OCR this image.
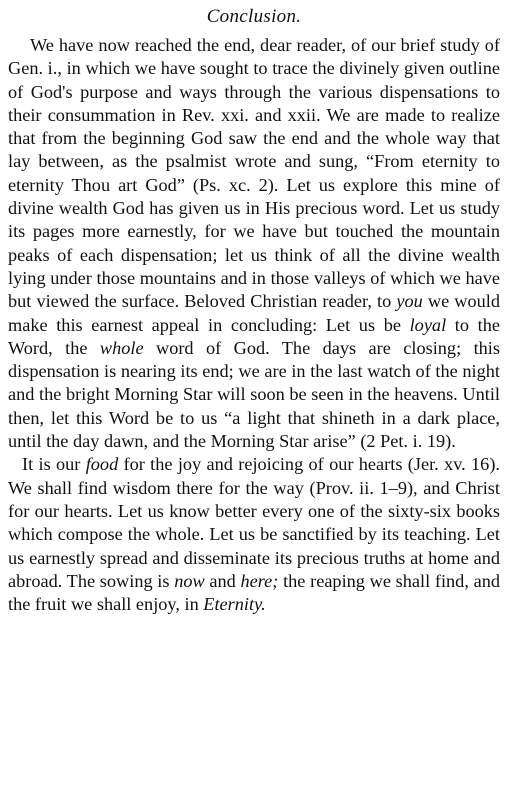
Conclusion.

We have now reached the end, dear reader, of our brief study of Gen. i., in which we have sought to trace the divinely given outline of God's purpose and ways through the various dispensations to their consummation in Rev. xxi. and xxii. We are made to realize that from the beginning God saw the end and the whole way that lay between, as the psalmist wrote and sung, “From eternity to eternity Thou art God” (Ps. xc. 2). Let us explore this mine of divine wealth God has given us in His precious word. Let us study its pages more earnestly, for we have but touched the mountain peaks of each dispensation; let us think of all the divine wealth lying under those mountains and in those valleys of which we have but viewed the surface. Beloved Christian reader, to you we would make this earnest appeal in concluding: Let us be loyal to the Word, the whole word of God. The days are closing; this dispensation is nearing its end; we are in the last watch of the night and the bright Morning Star will soon be seen in the heavens. Until then, let this Word be to us “a light that shineth in a dark place, until the day dawn, and the Morning Star arise” (2 Pet. i. 19).

It is our food for the joy and rejoicing of our hearts (Jer. xv. 16). We shall find wisdom there for the way (Prov. ii. 1–9), and Christ for our hearts. Let us know better every one of the sixty-six books which compose the whole. Let us be sanctified by its teaching. Let us earnestly spread and disseminate its precious truths at home and abroad. The sowing is now and here; the reaping we shall find, and the fruit we shall enjoy, in Eternity.
